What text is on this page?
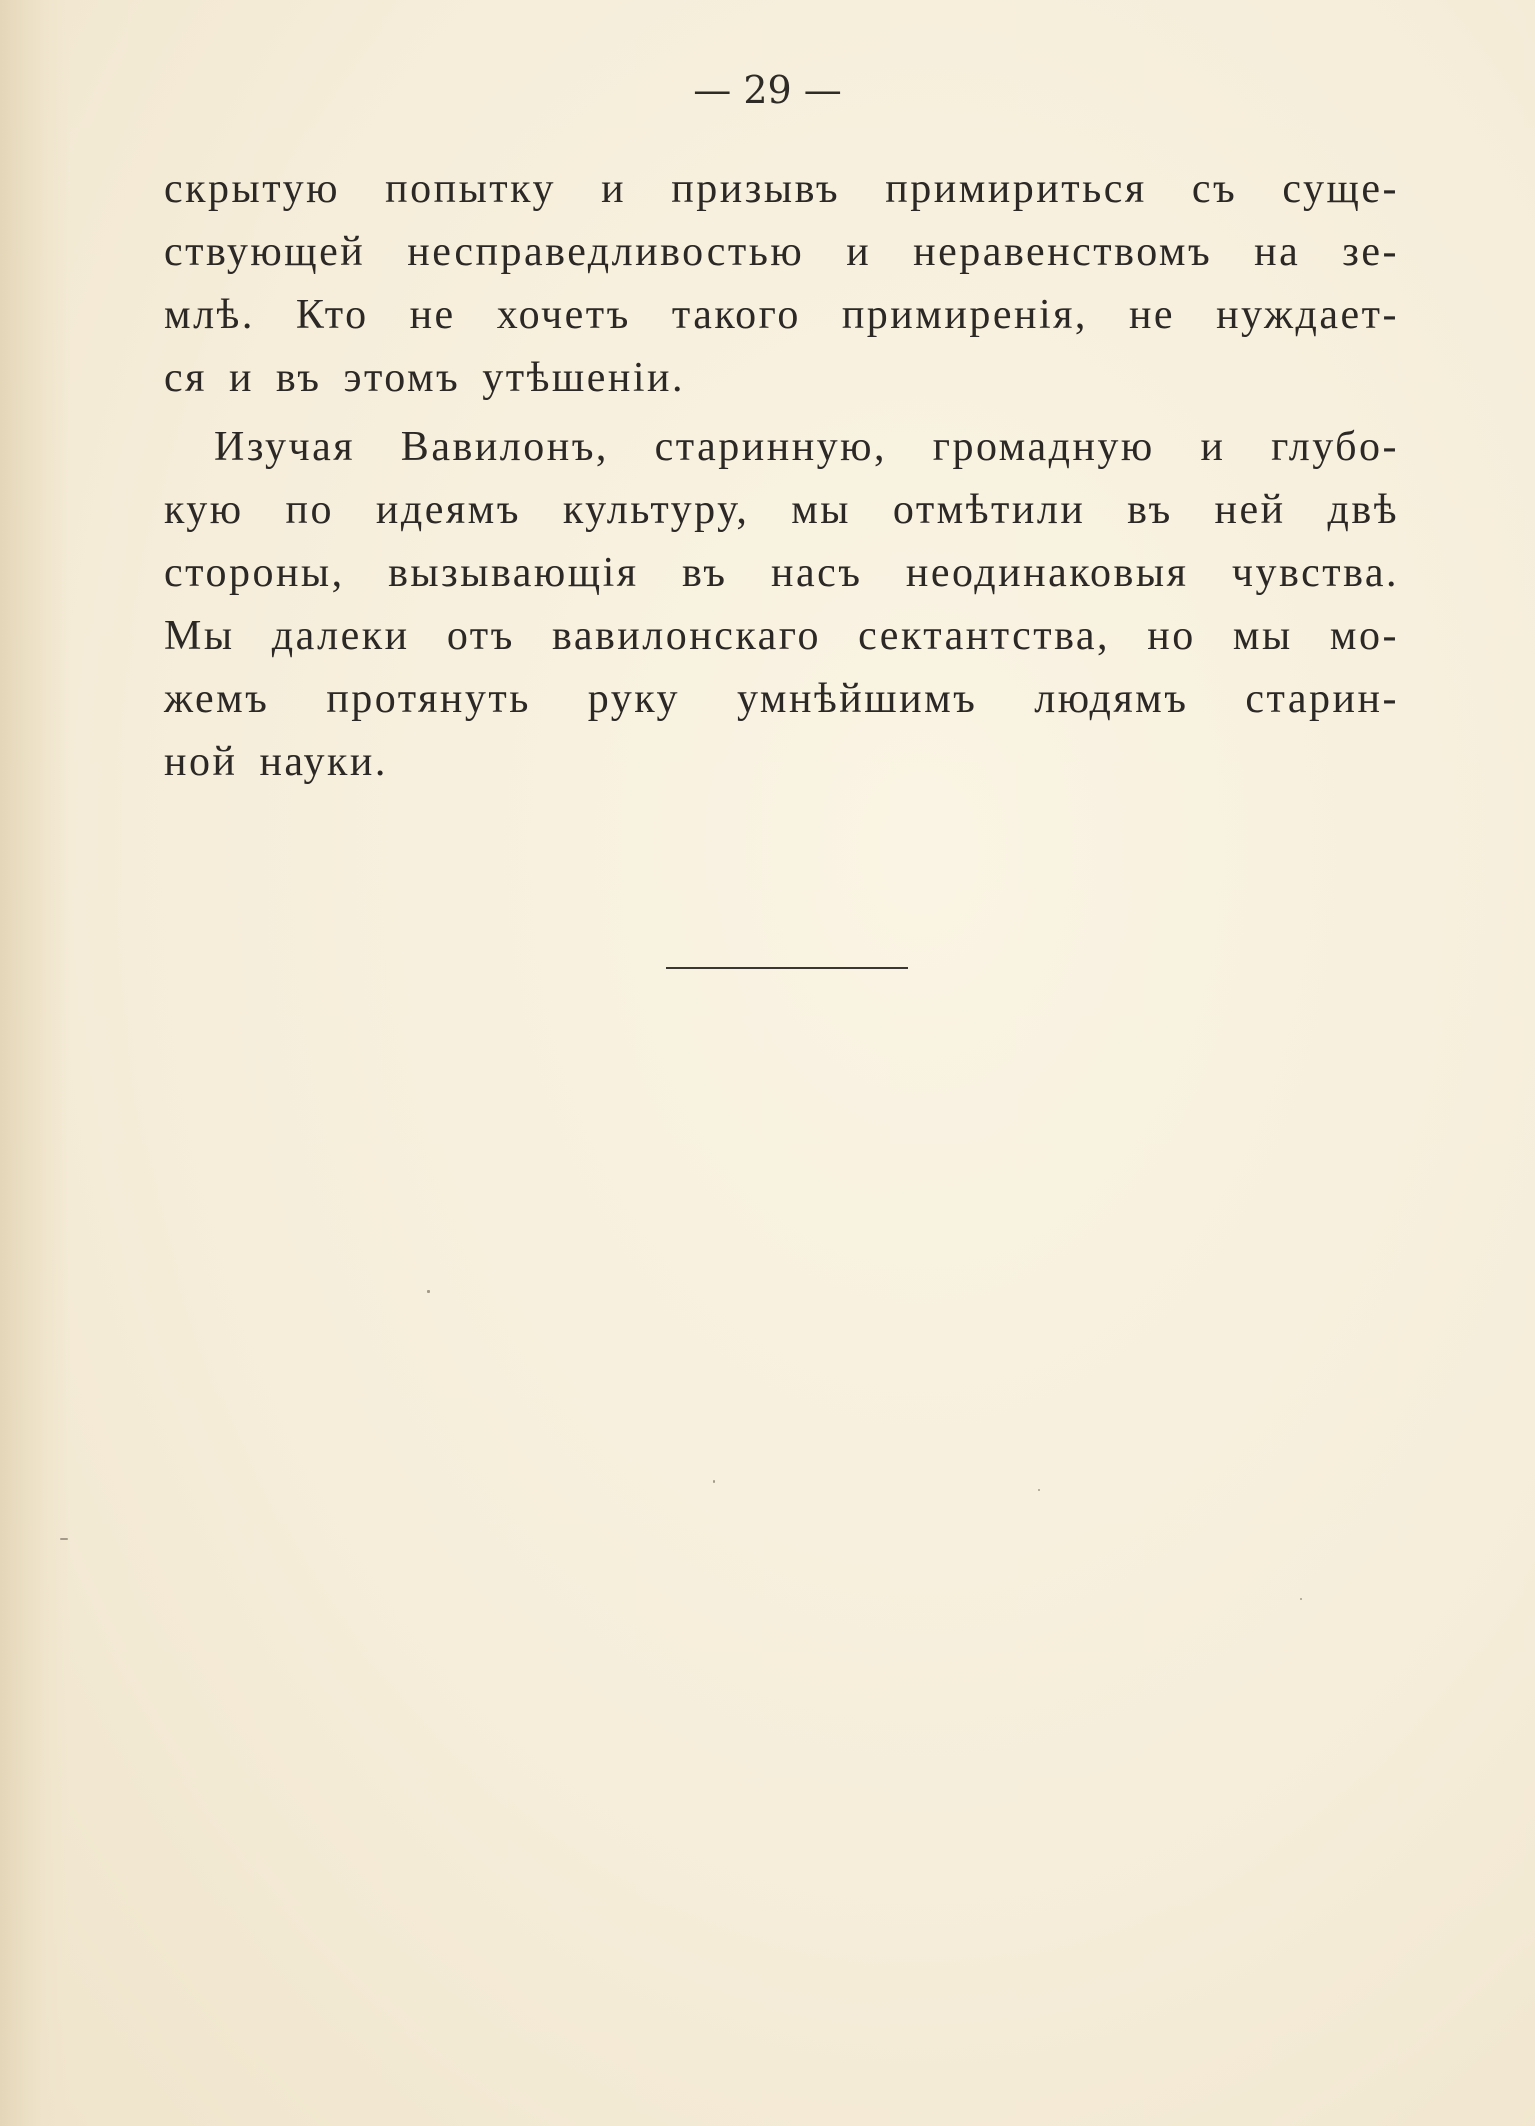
— 29 —
скрытую попытку и призывъ примириться съ суще-
ствующей несправедливостью и неравенствомъ на зе-
млѣ. Кто не хочетъ такого примиренія, не нуждает-
ся и въ этомъ утѣшеніи.
Изучая Вавилонъ, старинную, громадную и глубо-
кую по идеямъ культуру, мы отмѣтили въ ней двѣ
стороны, вызывающія въ насъ неодинаковыя чувства.
Мы далеки отъ вавилонскаго сектантства, но мы мо-
жемъ протянуть руку умнѣйшимъ людямъ старин-
ной науки.
